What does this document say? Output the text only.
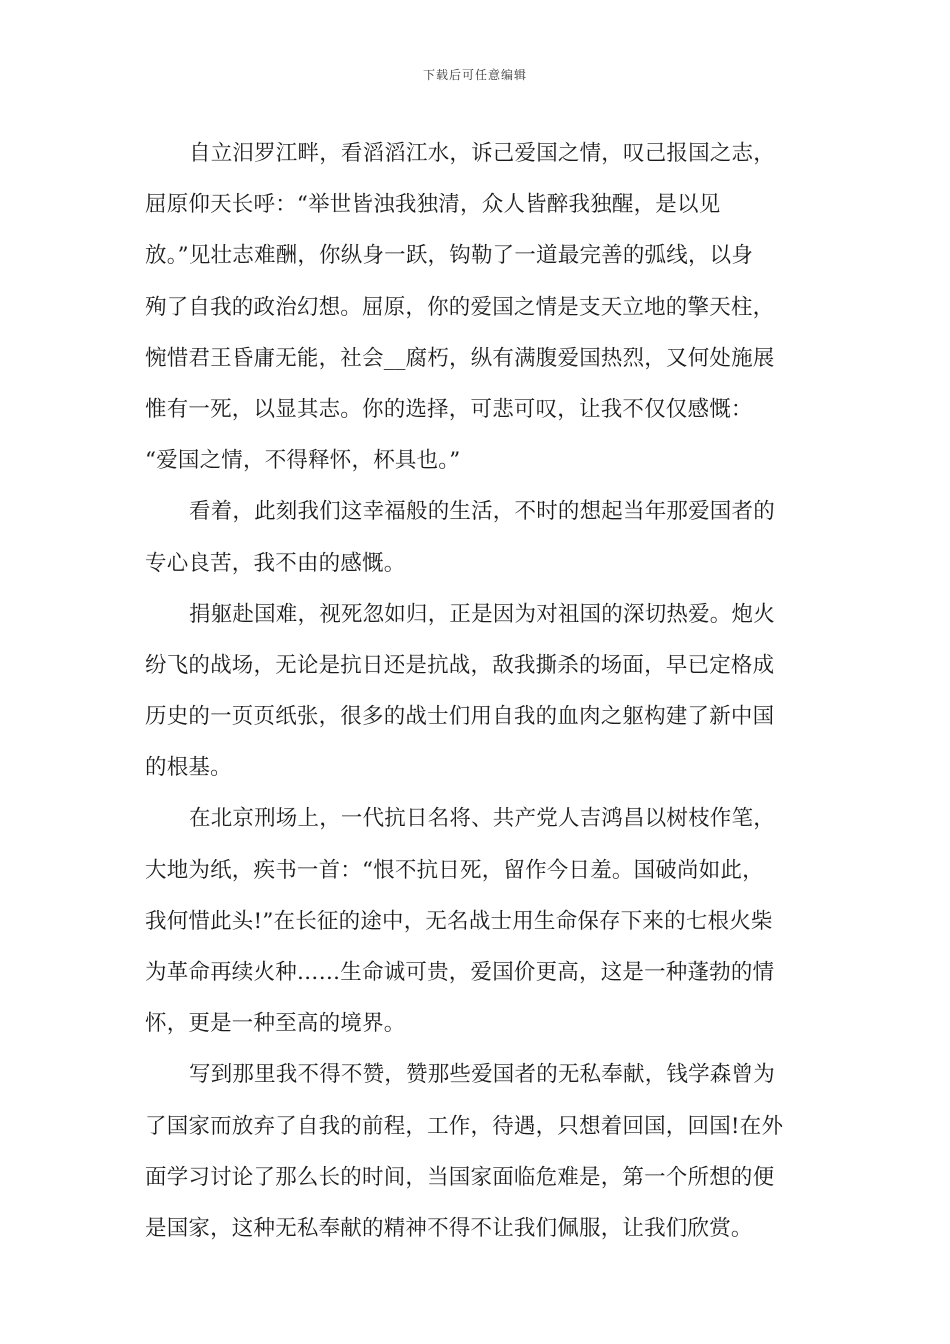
下载后可任意编辑
自立汨罗江畔，看滔滔江水，诉己爱国之情，叹己报国之志，
屈原仰天长呼：“举世皆浊我独清，众人皆醉我独醒，是以见
放。”见壮志难酬，你纵身一跃，钩勒了一道最完善的弧线，以身
殉了自我的政治幻想。屈原，你的爱国之情是支天立地的擎天柱，
惋惜君王昏庸无能，社会__腐朽，纵有满腹爱国热烈，又何处施展
惟有一死，以显其志。你的选择，可悲可叹，让我不仅仅感慨：
“爱国之情，不得释怀，杯具也。”
看着，此刻我们这幸福般的生活，不时的想起当年那爱国者的
专心良苦，我不由的感慨。
捐躯赴国难，视死忽如归，正是因为对祖国的深切热爱。炮火
纷飞的战场，无论是抗日还是抗战，敌我撕杀的场面，早已定格成
历史的一页页纸张，很多的战士们用自我的血肉之躯构建了新中国
的根基。
在北京刑场上，一代抗日名将、共产党人吉鸿昌以树枝作笔，
大地为纸，疾书一首：“恨不抗日死，留作今日羞。国破尚如此，
我何惜此头!”在长征的途中，无名战士用生命保存下来的七根火柴
为革命再续火种……生命诚可贵，爱国价更高，这是一种蓬勃的情
怀，更是一种至高的境界。
写到那里我不得不赞，赞那些爱国者的无私奉献，钱学森曾为
了国家而放弃了自我的前程，工作，待遇，只想着回国，回国!在外
面学习讨论了那么长的时间，当国家面临危难是，第一个所想的便
是国家，这种无私奉献的精神不得不让我们佩服，让我们欣赏。
